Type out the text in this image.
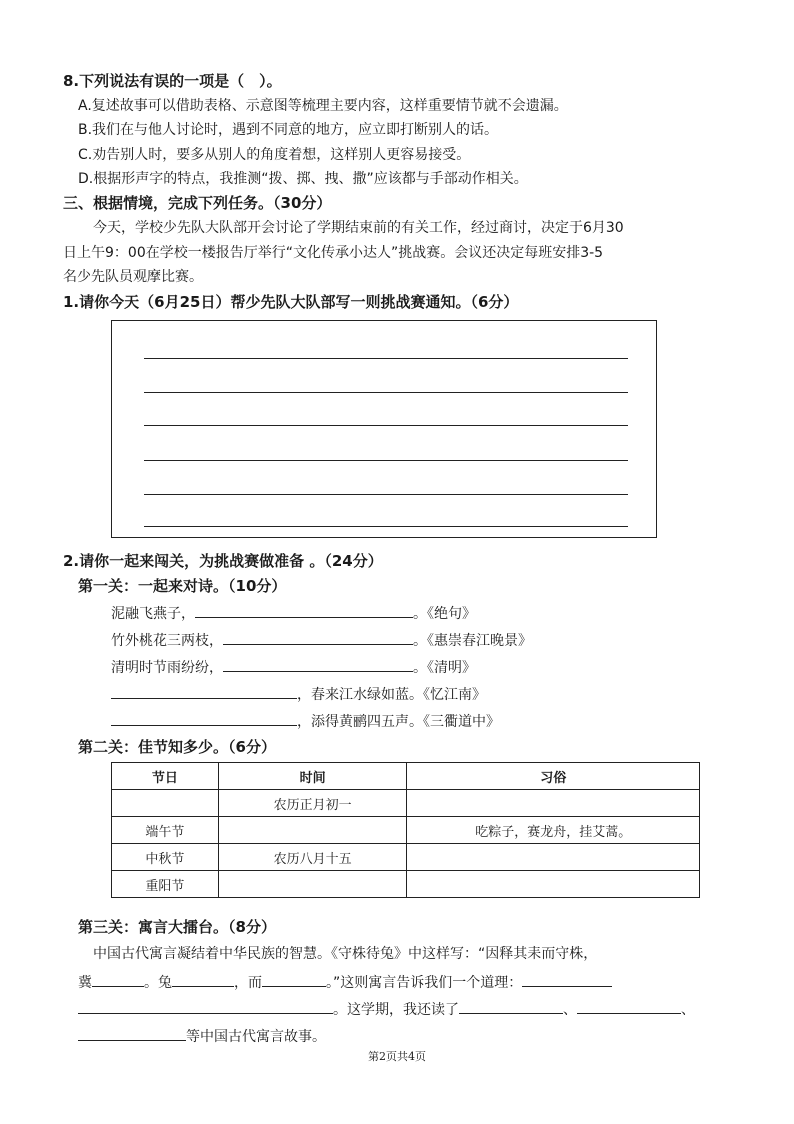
8.下列说法有误的一项是（　）。
A.复述故事可以借助表格、示意图等梳理主要内容，这样重要情节就不会遗漏。
B.我们在与他人讨论时，遇到不同意的地方，应立即打断别人的话。
C.劝告别人时，要多从别人的角度着想，这样别人更容易接受。
D.根据形声字的特点，我推测“拨、掷、拽、撒”应该都与手部动作相关。
三、根据情境，完成下列任务。（30分）
今天，学校少先队大队部开会讨论了学期结束前的有关工作，经过商讨，决定于6月30
日上午9：00在学校一楼报告厅举行“文化传承小达人”挑战赛。会议还决定每班安排3-5
名少先队员观摩比赛。
1.请你今天（6月25日）帮少先队大队部写一则挑战赛通知。（6分）
2.请你一起来闯关，为挑战赛做准备 。（24分）
第一关：一起来对诗。（10分）
泥融飞燕子，	。《绝句》
竹外桃花三两枝，	。《惠崇春江晚景》
清明时节雨纷纷，	。《清明》
，春来江水绿如蓝。《忆江南》
，添得黄鹂四五声。《三衢道中》
第二关：佳节知多少。（6分）
节日	时间	习俗
	农历正月初一	
端午节		吃粽子，赛龙舟，挂艾蒿。
中秋节	农历八月十五	
重阳节		
第三关：寓言大擂台。（8分）
中国古代寓言凝结着中华民族的智慧。《守株待兔》中这样写：“因释其耒而守株，
冀	。兔	，而	。”这则寓言告诉我们一个道理：
。这学期，我还读了	、	、
等中国古代寓言故事。
第2页共4页
